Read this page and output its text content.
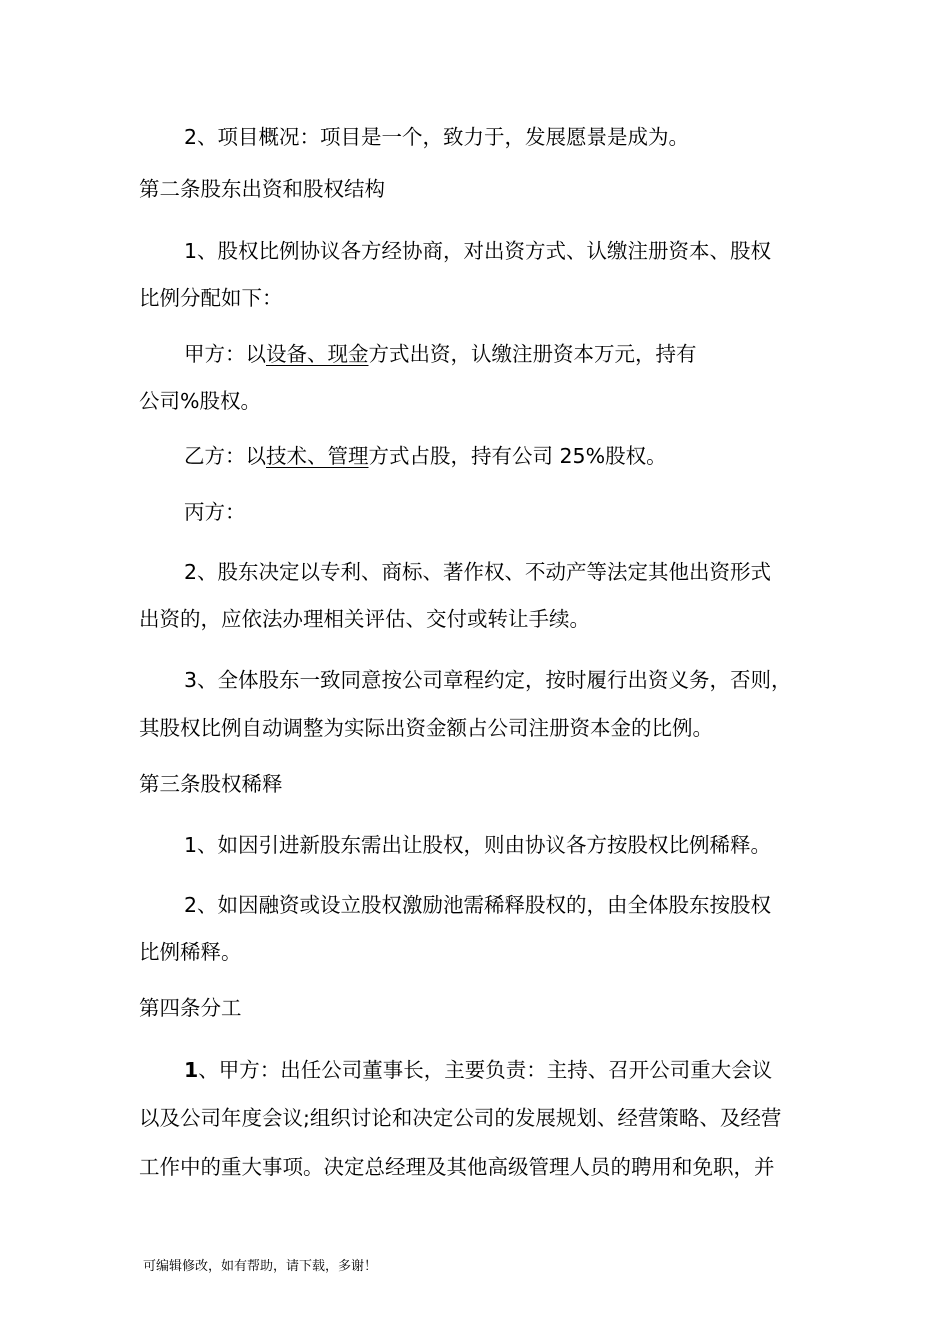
2、项目概况：项目是一个，致力于，发展愿景是成为。
第二条股东出资和股权结构
1、股权比例协议各方经协商，对出资方式、认缴注册资本、股权
比例分配如下：
甲方：以设备、现金方式出资，认缴注册资本万元，持有
公司%股权。
乙方：以技术、管理方式占股，持有公司 25%股权。
丙方：
2、股东决定以专利、商标、著作权、不动产等法定其他出资形式
出资的，应依法办理相关评估、交付或转让手续。
3、全体股东一致同意按公司章程约定，按时履行出资义务，否则，
其股权比例自动调整为实际出资金额占公司注册资本金的比例。
第三条股权稀释
1、如因引进新股东需出让股权，则由协议各方按股权比例稀释。
2、如因融资或设立股权激励池需稀释股权的，由全体股东按股权
比例稀释。
第四条分工
1、甲方：出任公司董事长，主要负责：主持、召开公司重大会议
以及公司年度会议;组织讨论和决定公司的发展规划、经营策略、及经营
工作中的重大事项。决定总经理及其他高级管理人员的聘用和免职，并
可编辑修改，如有帮助，请下载，多谢！
